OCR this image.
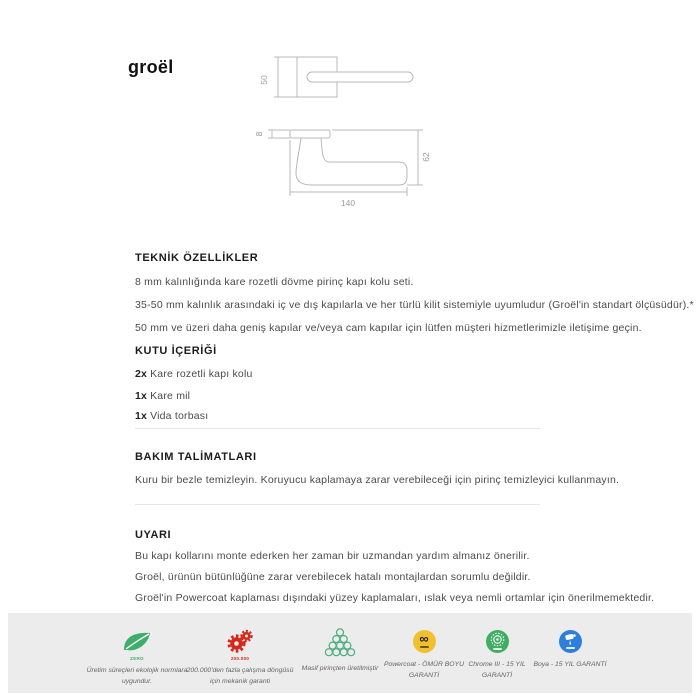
groël
50
8
62
140
TEKNİK ÖZELLİKLER
8 mm kalınlığında kare rozetli dövme pirinç kapı kolu seti.
35-50 mm kalınlık arasındaki iç ve dış kapılarla ve her türlü kilit sistemiyle uyumludur (Groël'in standart ölçüsüdür).*
50 mm ve üzeri daha geniş kapılar ve/veya cam kapılar için lütfen müşteri hizmetlerimizle iletişime geçin.
KUTU İÇERİĞİ
2x Kare rozetli kapı kolu
1x Kare mil
1x Vida torbası
BAKIM TALİMATLARI
Kuru bir bezle temizleyin. Koruyucu kaplamaya zarar verebileceği için pirinç temizleyici kullanmayın.
UYARI
Bu kapı kollarını monte ederken her zaman bir uzmandan yardım almanız önerilir.
Groël, ürünün bütünlüğüne zarar verebilecek hatalı montajlardan sorumlu değildir.
Groël'in Powercoat kaplaması dışındaki yüzey kaplamaları, ıslak veya nemli ortamlar için önerilmemektedir.
ZERO
Üretim süreçleri ekolojik normlara uygundur.
200.000
200.000'den fazla çalışma döngüsü için mekanik garanti
Masif pirinçten üretilmiştir
∞
Powercoat - ÖMÜR BOYU GARANTİ
Chrome III - 15 YIL GARANTİ
Boya - 15 YIL GARANTİ
